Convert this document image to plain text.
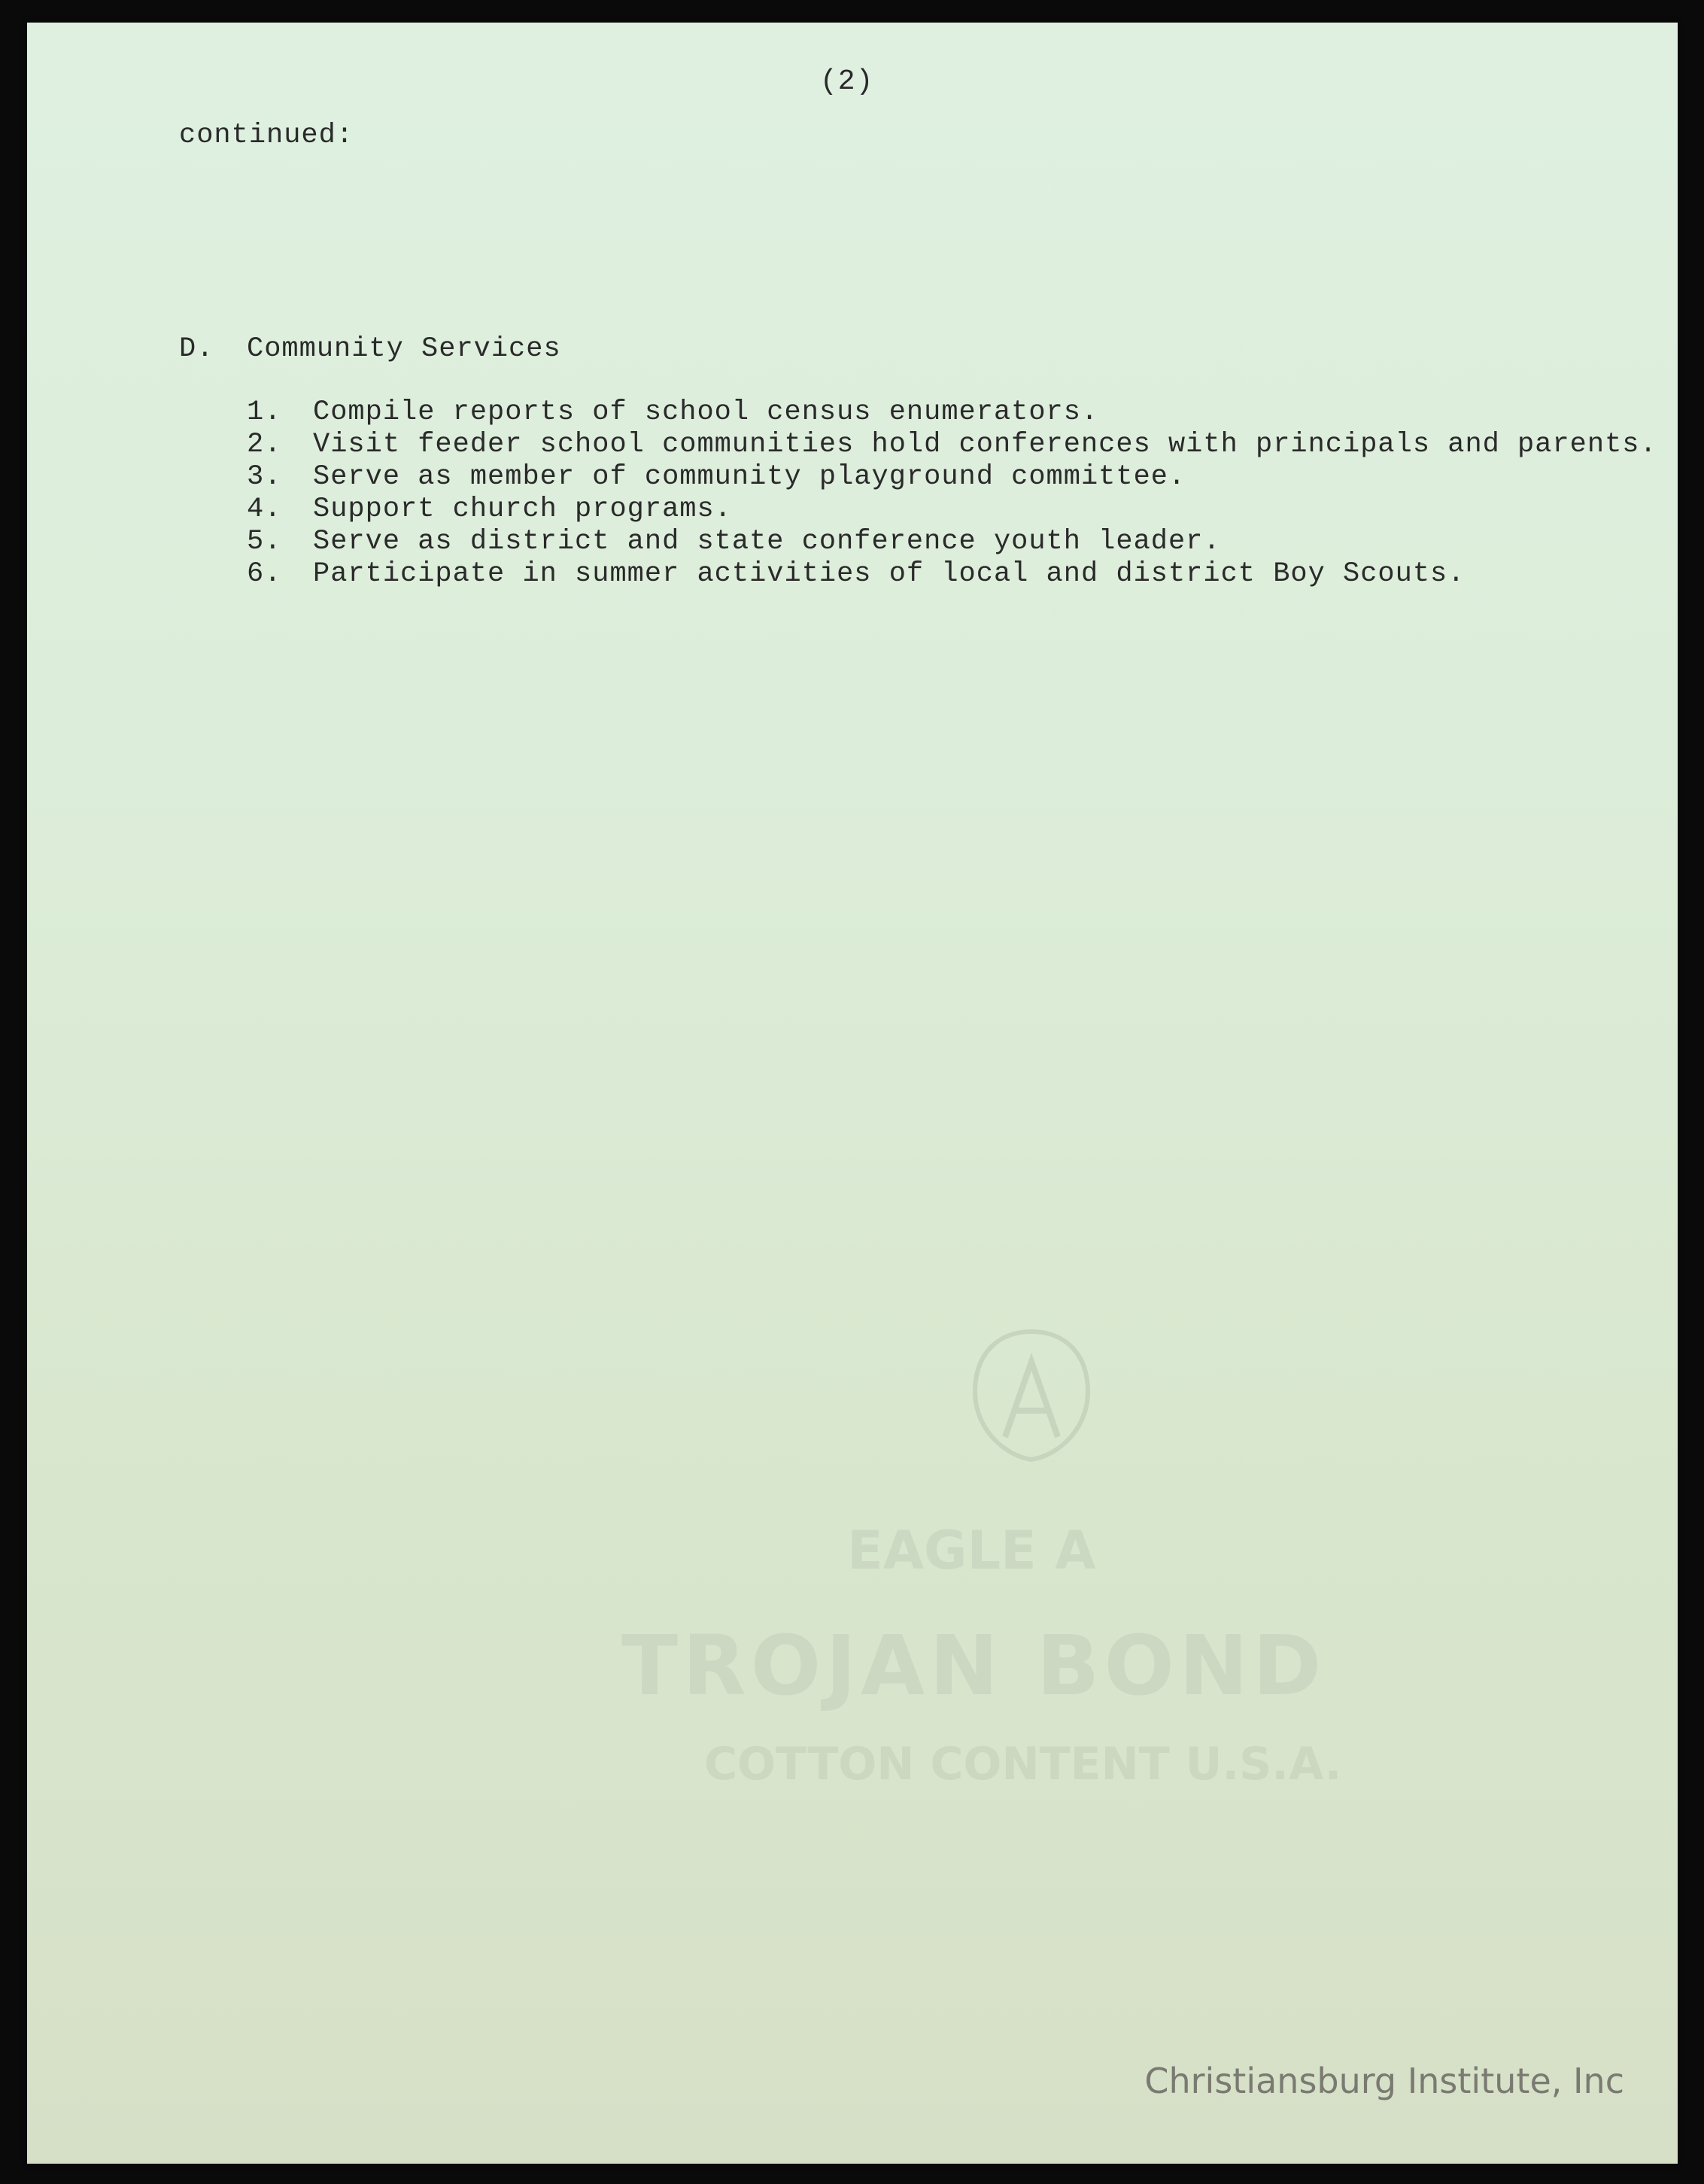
EAGLE A
TROJAN BOND
COTTON CONTENT U.S.A.
(2)
continued:
D. Community Services
1. Compile reports of school census enumerators.
2. Visit feeder school communities hold conferences with principals and parents.
3. Serve as member of community playground committee.
4. Support church programs.
5. Serve as district and state conference youth leader.
6. Participate in summer activities of local and district Boy Scouts.
Christiansburg Institute, Inc
